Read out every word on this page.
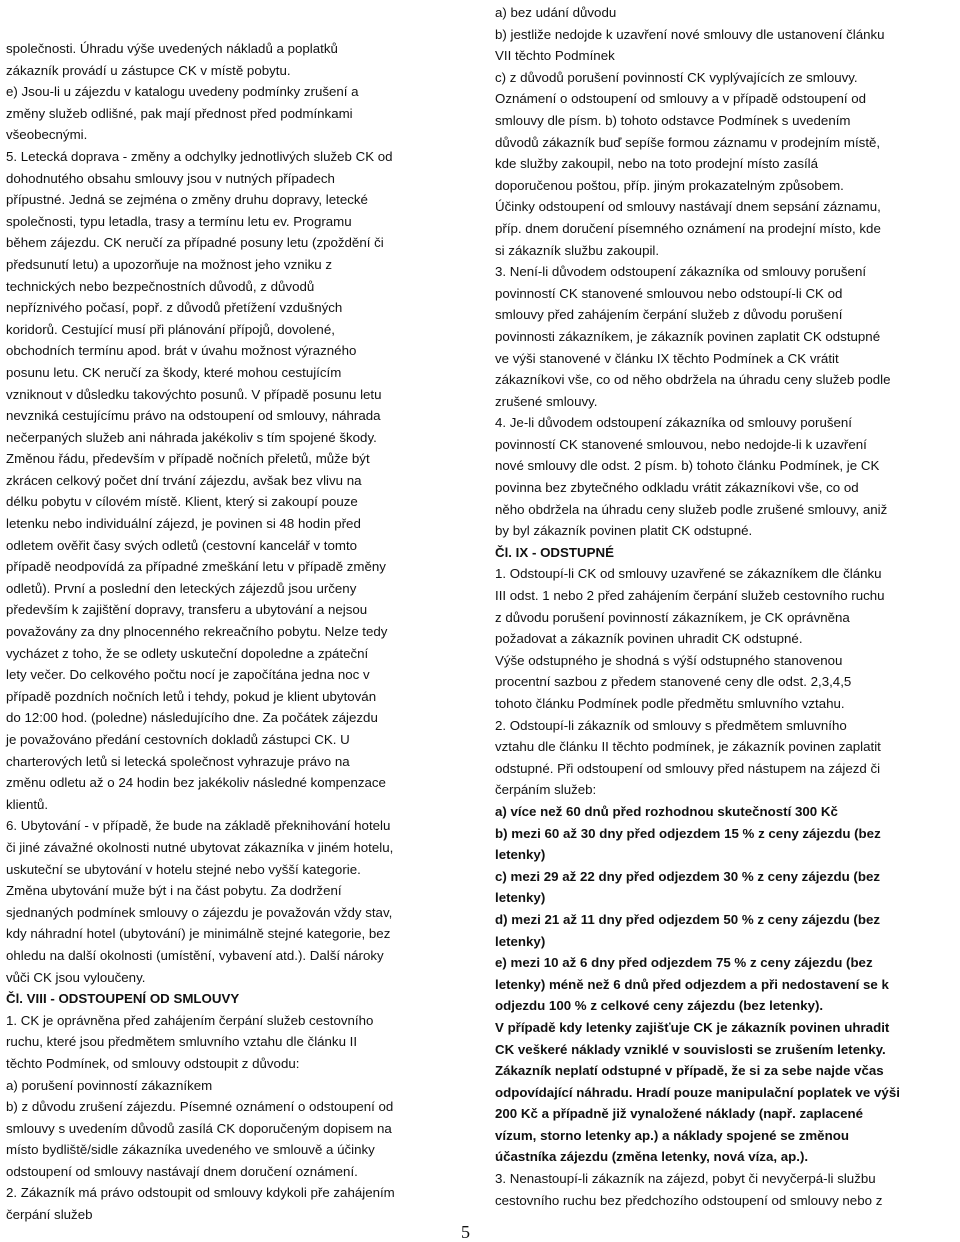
společnosti. Úhradu výše uvedených nákladů a poplatků
zákazník provádí u zástupce CK v místě pobytu.
e) Jsou-li u zájezdu v katalogu uvedeny podmínky zrušení a
změny služeb odlišné, pak mají přednost před podmínkami
všeobecnými.
5. Letecká doprava - změny a odchylky jednotlivých služeb CK od
dohodnutého obsahu smlouvy jsou v nutných případech
přípustné. Jedná se zejména o změny druhu dopravy, letecké
společnosti, typu letadla, trasy a termínu letu ev. Programu
během zájezdu. CK neručí za případné posuny letu (zpoždění či
předsunutí letu) a upozorňuje na možnost jeho vzniku z
technických nebo bezpečnostních důvodů, z důvodů
nepříznivého počasí, popř. z důvodů přetížení vzdušných
koridorů. Cestující musí při plánování přípojů, dovolené,
obchodních termínu apod. brát v úvahu možnost výrazného
posunu letu. CK neručí za škody, které mohou cestujícím
vzniknout v důsledku takovýchto posunů. V případě posunu letu
nevzniká cestujícímu právo na odstoupení od smlouvy, náhrada
nečerpaných služeb ani náhrada jakékoliv s tím spojené škody.
Změnou řádu, především v případě nočních přeletů, může být
zkrácen celkový počet dní trvání zájezdu, avšak bez vlivu na
délku pobytu v cílovém místě. Klient, který si zakoupí pouze
letenku nebo individuální zájezd, je povinen si 48 hodin před
odletem ověřit časy svých odletů (cestovní kancelář v tomto
případě neodpovídá za případné zmeškání letu v případě změny
odletů). První a poslední den leteckých zájezdů jsou určeny
především k zajištění dopravy, transferu a ubytování a nejsou
považovány za dny plnocenného rekreačního pobytu. Nelze tedy
vycházet z toho, že se odlety uskuteční dopoledne a zpáteční
lety večer. Do celkového počtu nocí je započítána jedna noc v
případě pozdních nočních letů i tehdy, pokud je klient ubytován
do 12:00 hod. (poledne) následujícího dne. Za počátek zájezdu
je považováno předání cestovních dokladů zástupci CK. U
charterových letů si letecká společnost vyhrazuje právo na
změnu odletu až o 24 hodin bez jakékoliv následné kompenzace
klientů.
6. Ubytování - v případě, že bude na základě překnihování hotelu
či jiné závažné okolnosti nutné ubytovat zákazníka v jiném hotelu,
uskuteční se ubytování v hotelu stejné nebo vyšší kategorie.
Změna ubytování muže být i na část pobytu. Za dodržení
sjednaných podmínek smlouvy o zájezdu je považován vždy stav,
kdy náhradní hotel (ubytování) je minimálně stejné kategorie, bez
ohledu na další okolnosti (umístění, vybavení atd.). Další nároky
vůči CK jsou vyloučeny.
Čl. VIII - ODSTOUPENÍ OD SMLOUVY
1. CK je oprávněna před zahájením čerpání služeb cestovního
ruchu, které jsou předmětem smluvního vztahu dle článku II
těchto Podmínek, od smlouvy odstoupit z důvodu:
a) porušení povinností zákazníkem
b) z důvodu zrušení zájezdu. Písemné oznámení o odstoupení od
smlouvy s uvedením důvodů zasílá CK doporučeným dopisem na
místo bydliště/sidle zákazníka uvedeného ve smlouvě a účinky
odstoupení od smlouvy nastávají dnem doručení oznámení.
2. Zákazník má právo odstoupit od smlouvy kdykoli pře zahájením
čerpání služeb
a) bez udání důvodu
b) jestliže nedojde k uzavření nové smlouvy dle ustanovení článku
VII těchto Podmínek
c) z důvodů porušení povinností CK vyplývajících ze smlouvy.
Oznámení o odstoupení od smlouvy a v případě odstoupení od
smlouvy dle písm. b) tohoto odstavce Podmínek s uvedením
důvodů zákazník buď sepíše formou záznamu v prodejním místě,
kde služby zakoupil, nebo na toto prodejní místo zasílá
doporučenou poštou, příp. jiným prokazatelným způsobem.
Účinky odstoupení od smlouvy nastávají dnem sepsání záznamu,
příp. dnem doručení písemného oznámení na prodejní místo, kde
si zákazník službu zakoupil.
3. Není-li důvodem odstoupení zákazníka od smlouvy porušení
povinností CK stanovené smlouvou nebo odstoupí-li CK od
smlouvy před zahájením čerpání služeb z důvodu porušení
povinnosti zákazníkem, je zákazník povinen zaplatit CK odstupné
ve výši stanovené v článku IX těchto Podmínek a CK vrátit
zákazníkovi vše, co od něho obdržela na úhradu ceny služeb podle
zrušené smlouvy.
4. Je-li důvodem odstoupení zákazníka od smlouvy porušení
povinností CK stanovené smlouvou, nebo nedojde-li k uzavření
nové smlouvy dle odst. 2 písm. b) tohoto článku Podmínek, je CK
povinna bez zbytečného odkladu vrátit zákazníkovi vše, co od
něho obdržela na úhradu ceny služeb podle zrušené smlouvy, aniž
by byl zákazník povinen platit CK odstupné.
Čl. IX - ODSTUPNÉ
1. Odstoupí-li CK od smlouvy uzavřené se zákazníkem dle článku
III odst. 1 nebo 2 před zahájením čerpání služeb cestovního ruchu
z důvodu porušení povinností zákazníkem, je CK oprávněna
požadovat a zákazník povinen uhradit CK odstupné.
Výše odstupného je shodná s výší odstupného stanovenou
procentní sazbou z předem stanovené ceny dle odst. 2,3,4,5
tohoto článku Podmínek podle předmětu smluvního vztahu.
2. Odstoupí-li zákazník od smlouvy s předmětem smluvního
vztahu dle článku II těchto podmínek, je zákazník povinen zaplatit
odstupné. Při odstoupení od smlouvy před nástupem na zájezd či
čerpáním služeb:
a) více než 60 dnů před rozhodnou skutečností 300 Kč
b) mezi 60 až 30 dny před odjezdem 15 % z ceny zájezdu (bez
letenky)
c) mezi 29 až 22 dny před odjezdem 30 % z ceny zájezdu (bez
letenky)
d) mezi 21 až 11 dny před odjezdem 50 % z ceny zájezdu (bez
letenky)
e) mezi 10 až 6 dny před odjezdem 75 % z ceny zájezdu (bez
letenky) méně než 6 dnů před odjezdem a při nedostavení se k
odjezdu 100 % z celkové ceny zájezdu (bez letenky).
V případě kdy letenky zajišťuje CK je zákazník povinen uhradit
CK veškeré náklady vzniklé v souvislosti se zrušením letenky.
Zákazník neplatí odstupné v případě, že si za sebe najde včas
odpovídající náhradu. Hradí pouze manipulační poplatek ve výši
200 Kč a případně již vynaložené náklady (např. zaplacené
vízum, storno letenky ap.) a náklady spojené se změnou
účastníka zájezdu (změna letenky, nová víza, ap.).
3. Nenastoupí-li zákazník na zájezd, pobyt či nevyčerpá-li službu
cestovního ruchu bez předchozího odstoupení od smlouvy nebo z
5
